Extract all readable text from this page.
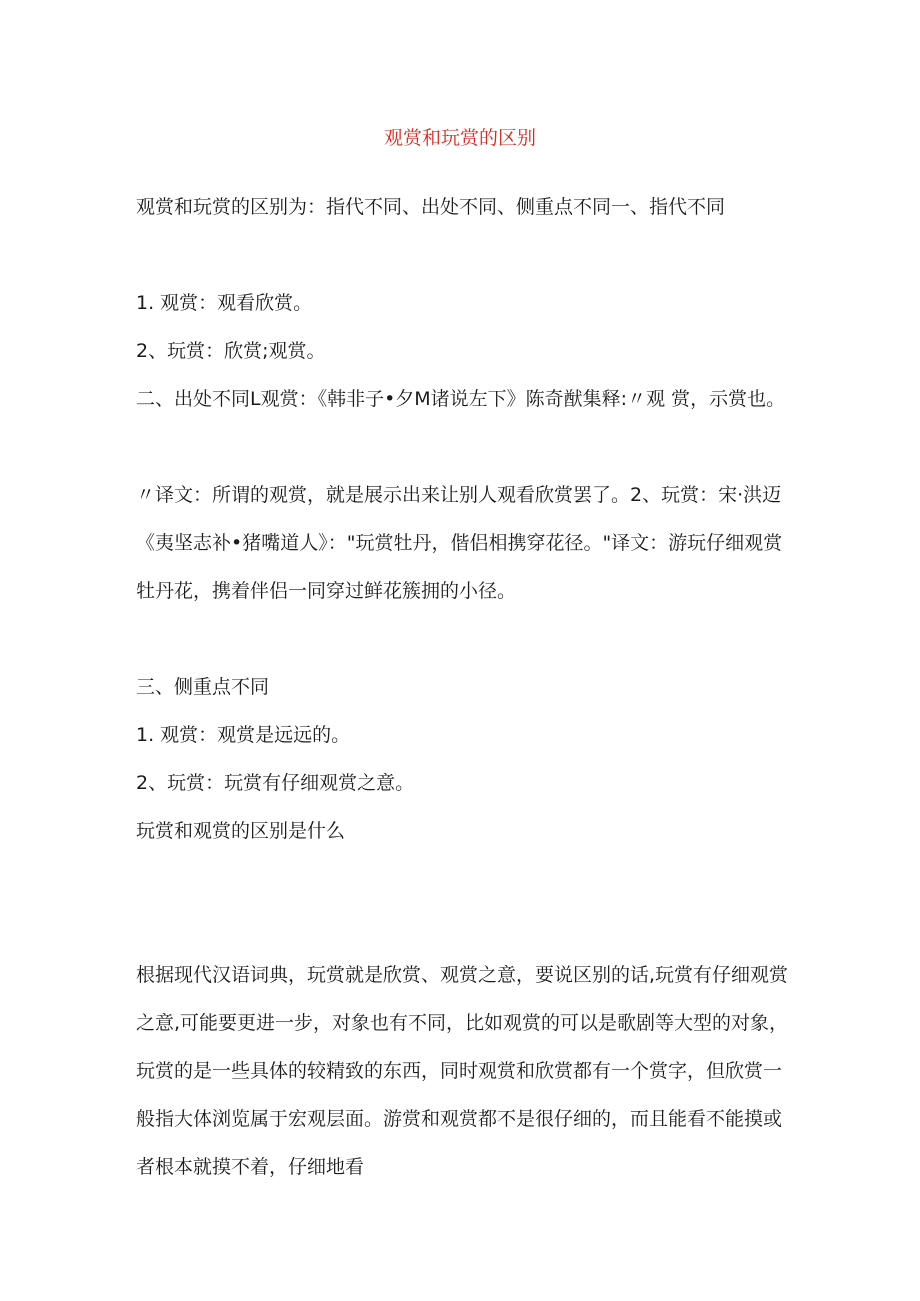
观赏和玩赏的区别

观赏和玩赏的区别为：指代不同、出处不同、侧重点不同一、指代不同

1. 观赏：观看欣赏。

2、玩赏：欣赏;观赏。

二、出处不同L观赏：《韩非子•夕M诸说左下》陈奇猷集释:〃观 赏，示赏也。

〃译文：所谓的观赏，就是展示出来让别人观看欣赏罢了。2、玩赏：宋·洪迈《夷坚志补•猪嘴道人》："玩赏牡丹，偕侣相携穿花径。"译文：游玩仔细观赏牡丹花，携着伴侣一同穿过鲜花簇拥的小径。

三、侧重点不同

1. 观赏：观赏是远远的。

2、玩赏：玩赏有仔细观赏之意。

玩赏和观赏的区别是什么

根据现代汉语词典，玩赏就是欣赏、观赏之意，要说区别的话,玩赏有仔细观赏之意,可能要更进一步，对象也有不同，比如观赏的可以是歌剧等大型的对象，玩赏的是一些具体的较精致的东西，同时观赏和欣赏都有一个赏字，但欣赏一般指大体浏览属于宏观层面。游赏和观赏都不是很仔细的，而且能看不能摸或者根本就摸不着，仔细地看
